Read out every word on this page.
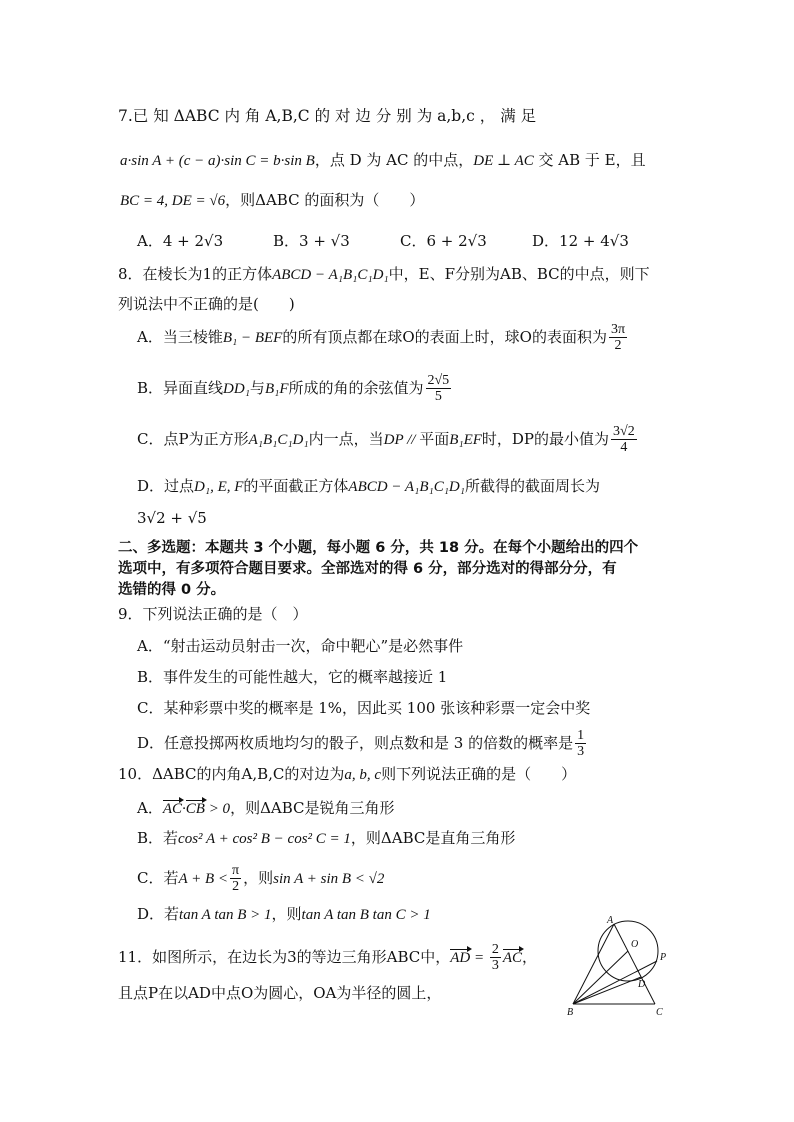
7.已 知 ΔABC 内 角 A,B,C 的 对 边 分 别 为 a,b,c ， 满 足
a·sin A + (c − a)·sin C = b·sin B，点 D 为 AC 的中点，DE ⊥ AC 交 AB 于 E，且
BC = 4, DE = √6，则ΔABC 的面积为（　　）
A．4 + 2√3	B．3 + √3	C．6 + 2√3	D．12 + 4√3
8．在棱长为1的正方体ABCD − A₁B₁C₁D₁中，E、F分别为AB、BC的中点，则下
列说法中不正确的是(　　)
A．当三棱锥B₁ − BEF的所有顶点都在球O的表面上时，球O的表面积为 $\frac{3\pi}{2}$
B．异面直线DD₁与B₁F所成的角的余弦值为 $\frac{2√5}{5}$
C．点P为正方形A₁B₁C₁D₁内一点，当DP // 平面B₁EF时，DP的最小值为 $\frac{3√2}{4}$
D．过点D₁, E, F的平面截正方体ABCD − A₁B₁C₁D₁所截得的截面周长为
3√2 + √5
二、多选题：本题共 3 个小题，每小题 6 分，共 18 分。在每个小题给出的四个
选项中，有多项符合题目要求。全部选对的得 6 分，部分选对的得部分分，有
选错的得 0 分。
9．下列说法正确的是（　）
A．“射击运动员射击一次，命中靶心”是必然事件
B．事件发生的可能性越大，它的概率越接近 1
C．某种彩票中奖的概率是 1%，因此买 100 张该种彩票一定会中奖
D．任意投掷两枚质地均匀的骰子，则点数和是 3 的倍数的概率是 $\frac{1}{3}$
10．ΔABC的内角A,B,C的对边为a, b, c则下列说法正确的是（　　）
A．AC·CB > 0，则ΔABC是锐角三角形
B．若cos² A + cos² B − cos² C = 1，则ΔABC是直角三角形
C．若$A + B < \frac{\pi}{2}$ ，则sin A + sin B < √2
D．若tan A tan B > 1，则tan A tan B tan C > 1
11．如图所示，在边长为3的等边三角形ABC中，AD = $\frac{2}{3}$ AC，
且点P在以AD中点O为圆心，OA为半径的圆上，
A
O
P
D
B	C
